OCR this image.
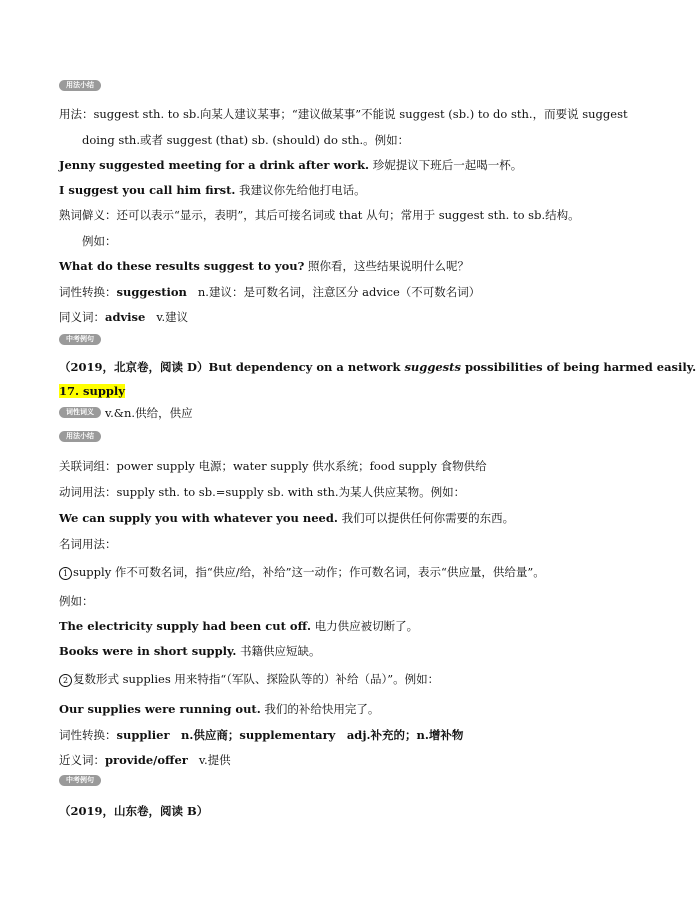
用法小结
用法：suggest sth. to sb.向某人建议某事；“建议做某事”不能说 suggest (sb.) to do sth.，而要说 suggest
doing sth.或者 suggest (that) sb. (should) do sth.。例如：
Jenny suggested meeting for a drink after work. 珍妮提议下班后一起喝一杯。
I suggest you call him first. 我建议你先给他打电话。
熟词僻义：还可以表示“显示，表明”，其后可接名词或 that 从句；常用于 suggest sth. to sb.结构。
例如：
What do these results suggest to you? 照你看，这些结果说明什么呢？
词性转换：suggestion n.建议：是可数名词，注意区分 advice（不可数名词）
同义词：advise v.建议
中考例句
（2019，北京卷，阅读 D）But dependency on a network suggests possibilities of being harmed easily.
17. supply
词性词义 v.&n.供给，供应
用法小结
关联词组：power supply 电源；water supply 供水系统；food supply 食物供给
动词用法：supply sth. to sb.=supply sb. with sth.为某人供应某物。例如：
We can supply you with whatever you need. 我们可以提供任何你需要的东西。
名词用法：
1 supply 作不可数名词，指“供应/给，补给”这一动作；作可数名词，表示“供应量，供给量”。
例如：
The electricity supply had been cut off. 电力供应被切断了。
Books were in short supply. 书籍供应短缺。
2 复数形式 supplies 用来特指“（军队、探险队等的）补给（品）”。例如：
Our supplies were running out. 我们的补给快用完了。
词性转换：supplier　n.供应商；supplementary　adj.补充的；n.增补物
近义词：provide/offer v.提供
中考例句
（2019，山东卷，阅读 B）
